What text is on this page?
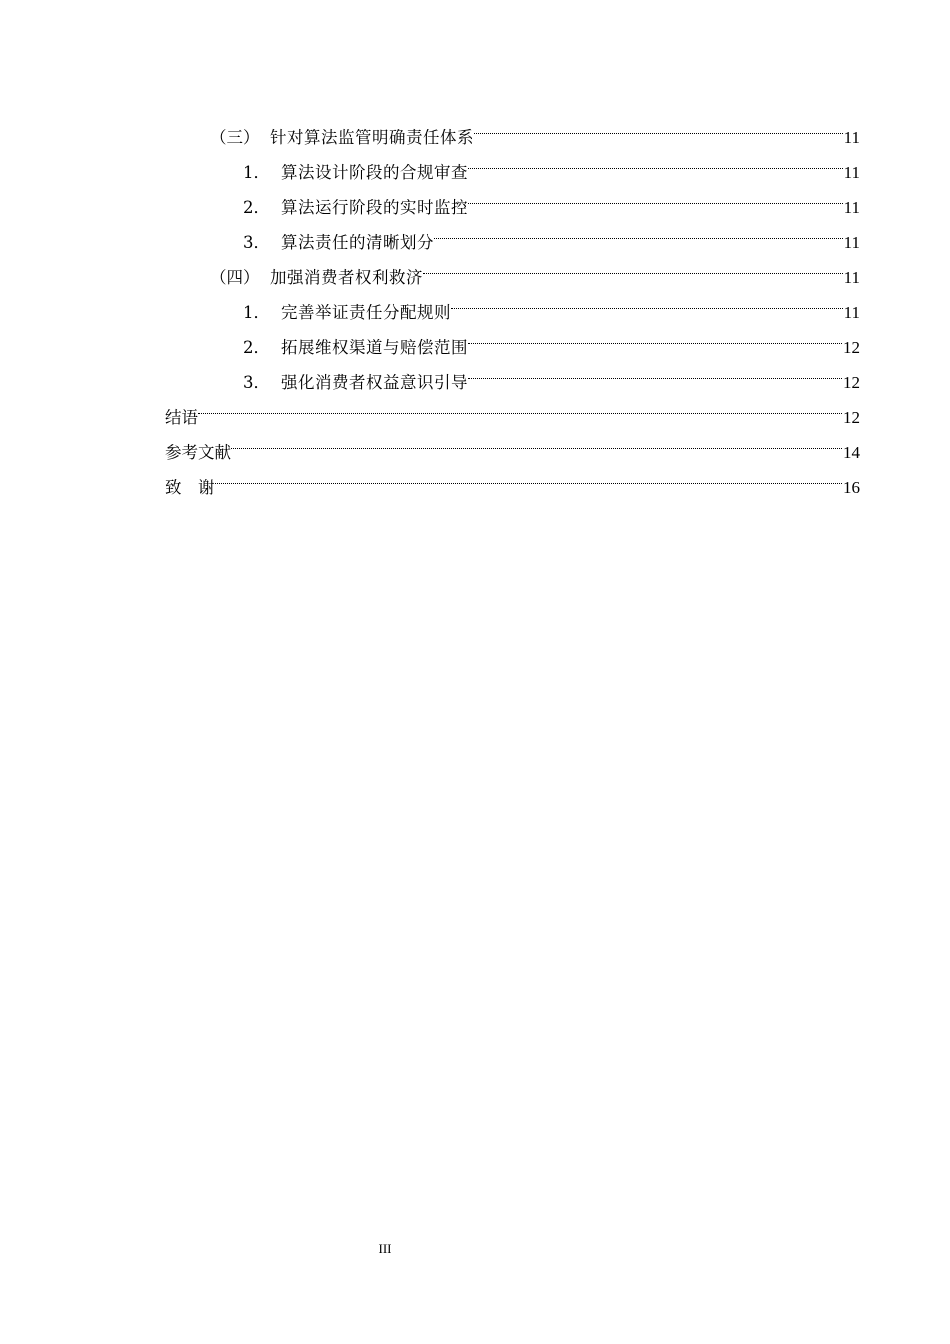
（三） 针对算法监管明确责任体系	11
1． 算法设计阶段的合规审查	11
2． 算法运行阶段的实时监控	11
3． 算法责任的清晰划分	11
（四） 加强消费者权利救济	11
1． 完善举证责任分配规则	11
2． 拓展维权渠道与赔偿范围	12
3． 强化消费者权益意识引导	12
结语	12
参考文献	14
致　谢	16
III
